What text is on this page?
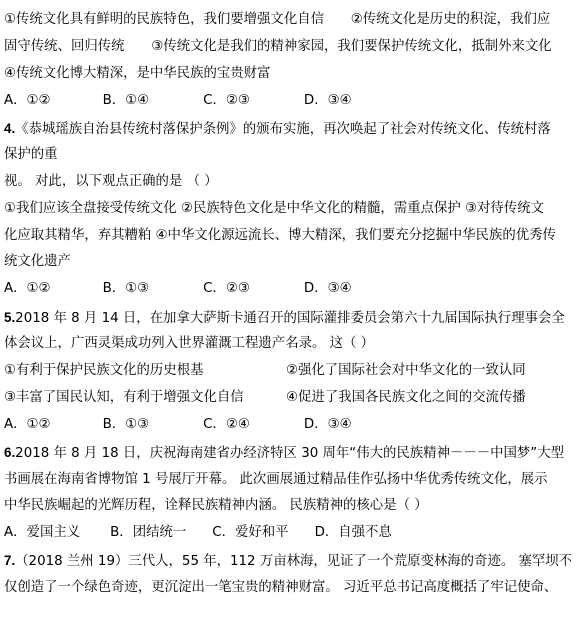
①传统文化具有鲜明的民族特色，我们要增强文化自信　　②传统文化是历史的积淀，我们应
固守传统、回归传统　　③传统文化是我们的精神家园，我们要保护传统文化，抵制外来文化
④传统文化博大精深，是中华民族的宝贵财富
A．①②	B．①④	C．②③	D．③④
4.《恭城瑶族自治县传统村落保护条例》的颁布实施，再次唤起了社会对传统文化、传统村落
保护的重
视。 对此，以下观点正确的是 （ ）
①我们应该全盘接受传统文化 ②民族特色文化是中华文化的精髓，需重点保护 ③对待传统文
化应取其精华，弃其糟粕 ④中华文化源远流长、博大精深，我们要充分挖掘中华民族的优秀传
统文化遗产
A．①②	B．①③	C．②③	D．③④
5.2018 年 8 月 14 日，在加拿大萨斯卡通召开的国际灌排委员会第六十九届国际执行理事会全
体会议上，广西灵渠成功列入世界灌溉工程遗产名录。 这（ ）
①有利于保护民族文化的历史根基	②强化了国际社会对中华文化的一致认同
③丰富了国民认知，有利于增强文化自信	④促进了我国各民族文化之间的交流传播
A．①②	B．①③	C．②④	D．③④
6.2018 年 8 月 18 日，庆祝海南建省办经济特区 30 周年“伟大的民族精神－－－中国梦”大型
书画展在海南省博物馆 1 号展厅开幕。 此次画展通过精品佳作弘扬中华优秀传统文化，展示
中华民族崛起的光辉历程，诠释民族精神内涵。 民族精神的核心是（ ）
A．爱国主义 B．团结统一 C．爱好和平 D．自强不息
7.（2018 兰州 19）三代人，55 年，112 万亩林海，见证了一个荒原变林海的奇迹。 塞罕坝不
仅创造了一个绿色奇迹，更沉淀出一笔宝贵的精神财富。 习近平总书记高度概括了牢记使命、
